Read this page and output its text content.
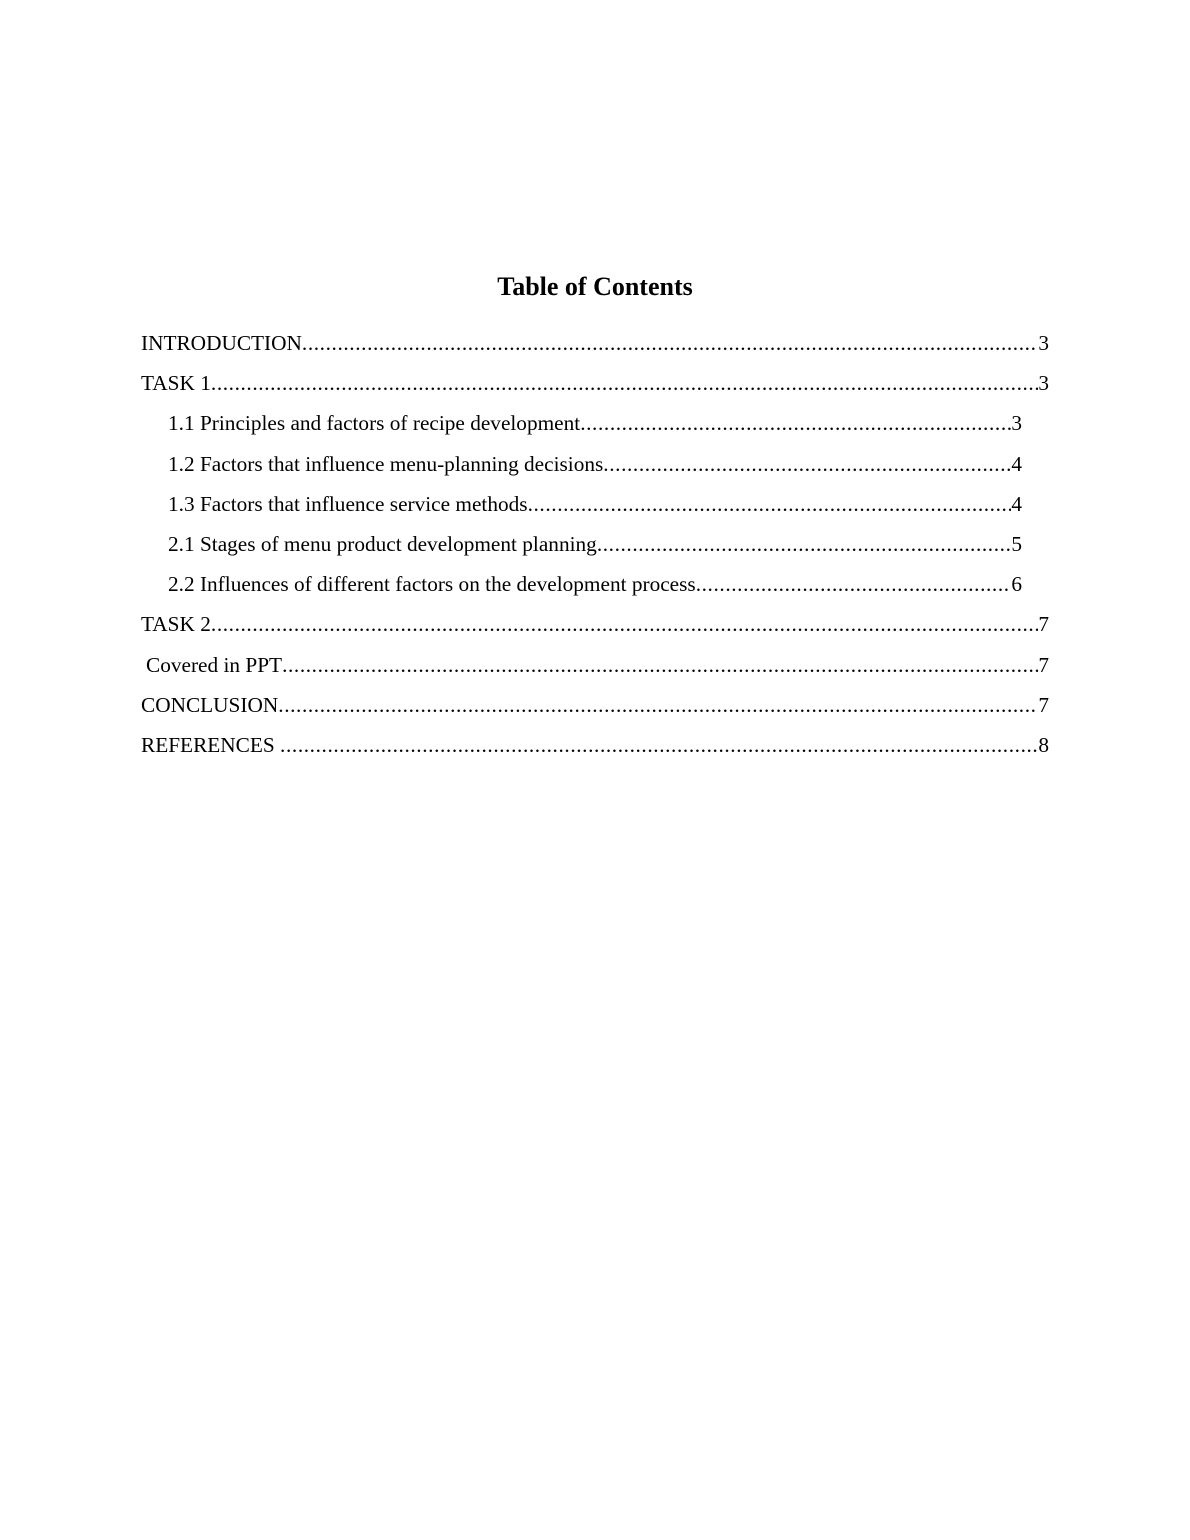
Table of Contents
INTRODUCTION .....	3
TASK 1 .....	3
1.1 Principles and factors of recipe development .....	3
1.2 Factors that influence menu-planning decisions .....	4
1.3 Factors that influence service methods .....	4
2.1 Stages of menu product development planning .....	5
2.2 Influences of different factors on the development process .....	6
TASK 2 .....	7
Covered in PPT .....	7
CONCLUSION .....	7
REFERENCES .....	8
